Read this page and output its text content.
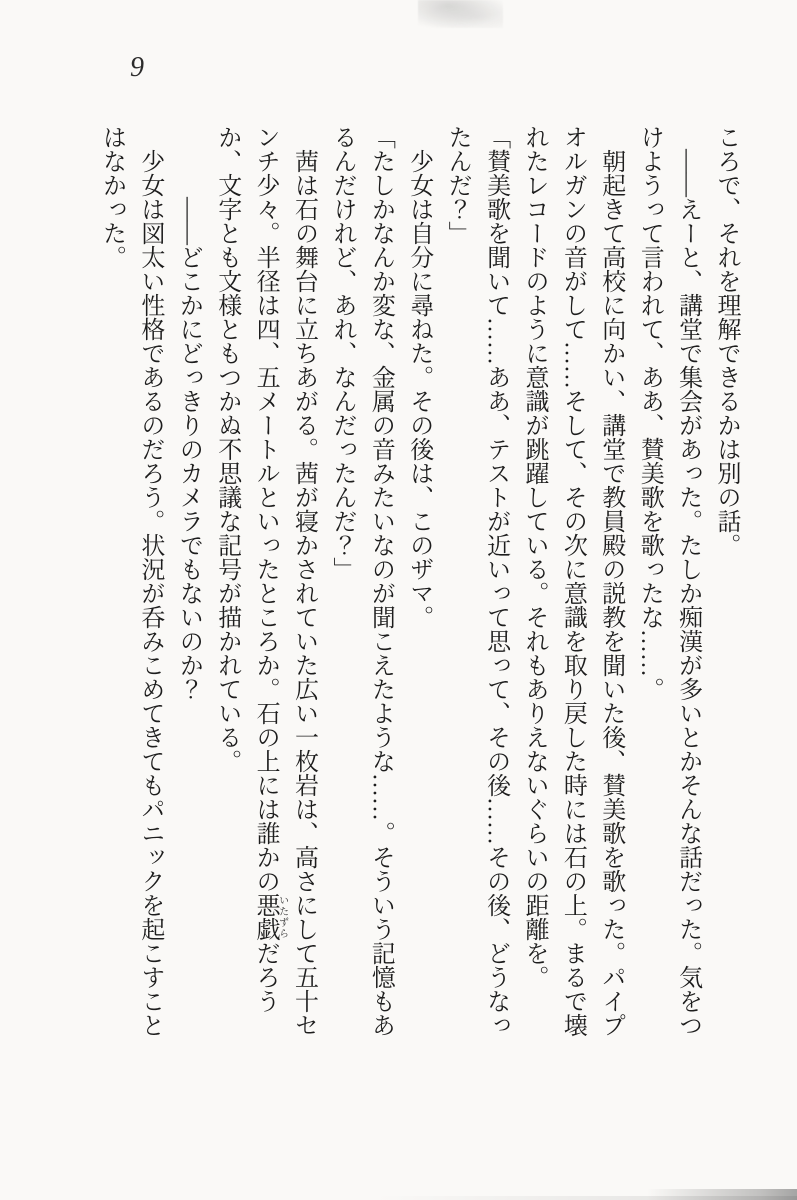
9

ころで、それを理解できるかは別の話。

――えーと、講堂で集会があった。たしか痴漢が多いとかそんな話だった。気をつけようって言われて、ああ、賛美歌を歌ったな……。

朝起きて高校に向かい、講堂で教員殿の説教を聞いた後、賛美歌を歌った。パイプオルガンの音がして……そして、その次に意識を取り戻した時には石の上。まるで壊れたレコードのように意識が跳躍している。それもありえないぐらいの距離を。

「賛美歌を聞いて……ああ、テストが近いって思って、その後……その後、どうなったんだ？」

少女は自分に尋ねた。その後は、このザマ。

「たしかなんか変な、金属の音みたいなのが聞こえたような……。そういう記憶もあるんだけれど、あれ、なんだったんだ？」

茜は石の舞台に立ちあがる。茜が寝かされていた広い一枚岩は、高さにして五十センチ少々。半径は四、五メートルといったところか。石の上には誰かの悪戯いたずらだろうか、文字とも文様ともつかぬ不思議な記号が描かれている。

――どこかにどっきりのカメラでもないのか？

少女は図太い性格であるのだろう。状況が呑みこめてきてもパニックを起こすことはなかった。
